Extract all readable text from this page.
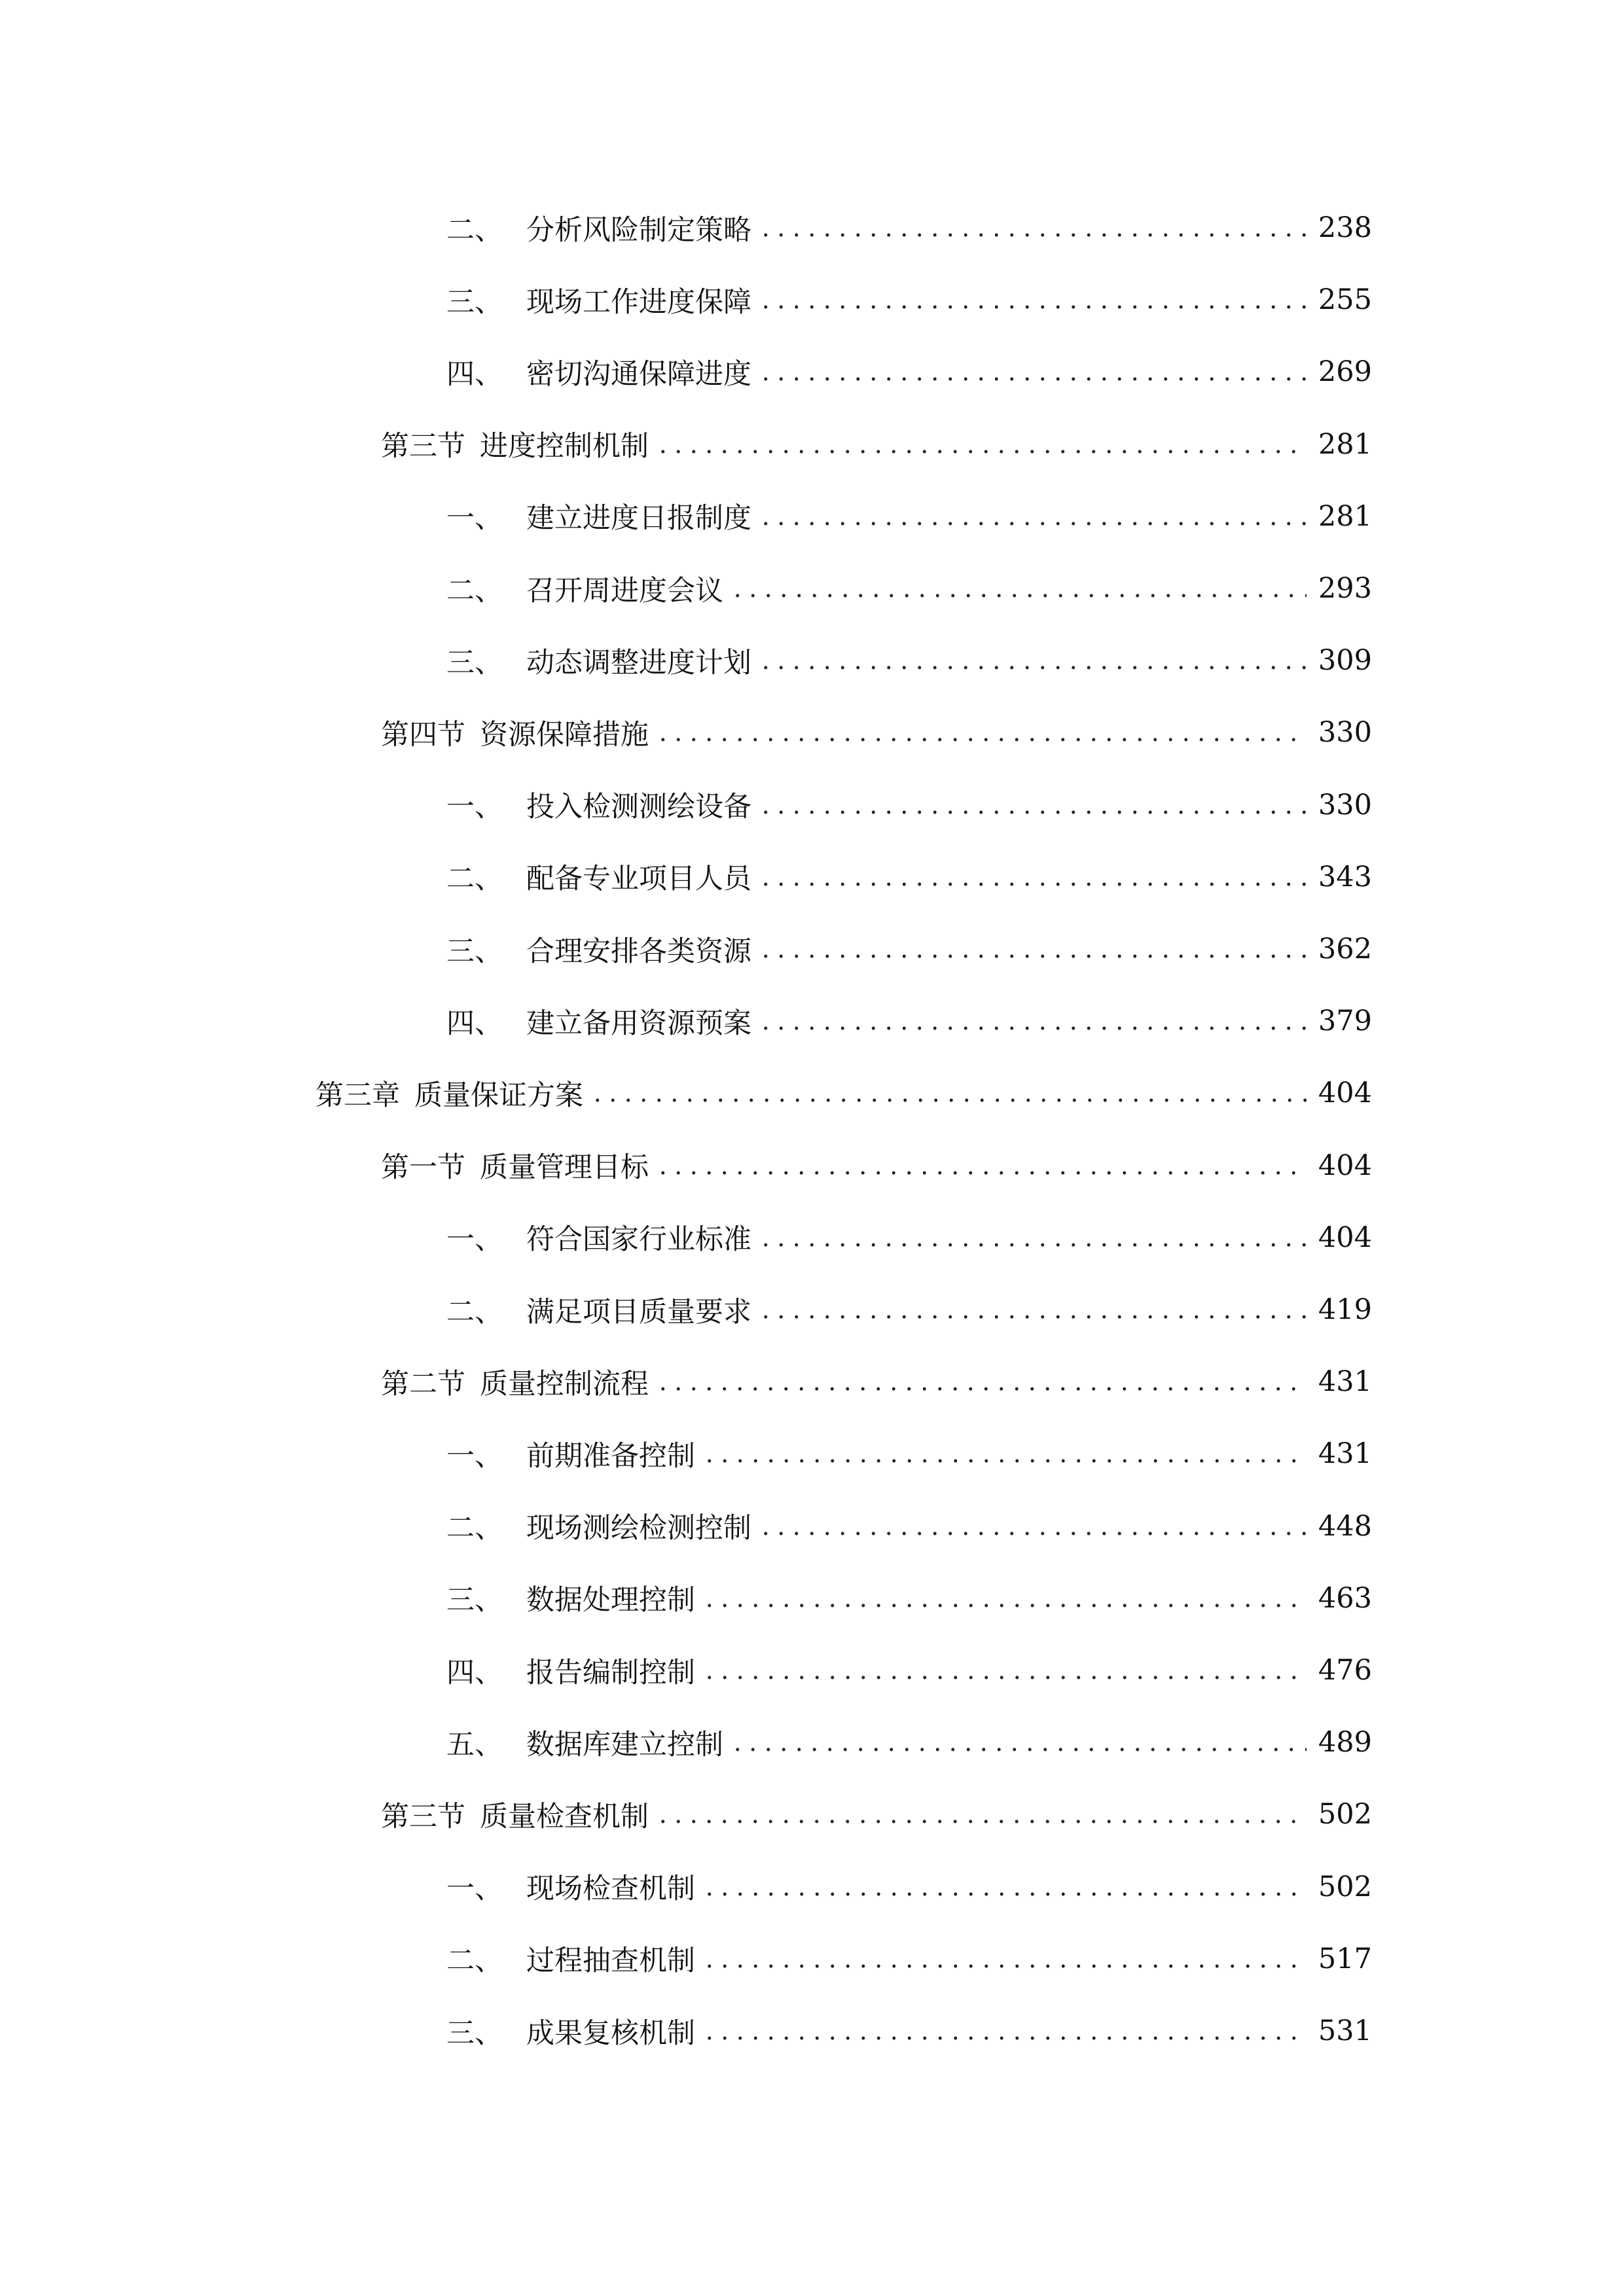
二、 分析风险制定策略	238
三、 现场工作进度保障	255
四、 密切沟通保障进度	269
第三节 进度控制机制	281
一、 建立进度日报制度	281
二、 召开周进度会议	293
三、 动态调整进度计划	309
第四节 资源保障措施	330
一、 投入检测测绘设备	330
二、 配备专业项目人员	343
三、 合理安排各类资源	362
四、 建立备用资源预案	379
第三章 质量保证方案	404
第一节 质量管理目标	404
一、 符合国家行业标准	404
二、 满足项目质量要求	419
第二节 质量控制流程	431
一、 前期准备控制	431
二、 现场测绘检测控制	448
三、 数据处理控制	463
四、 报告编制控制	476
五、 数据库建立控制	489
第三节 质量检查机制	502
一、 现场检查机制	502
二、 过程抽查机制	517
三、 成果复核机制	531
